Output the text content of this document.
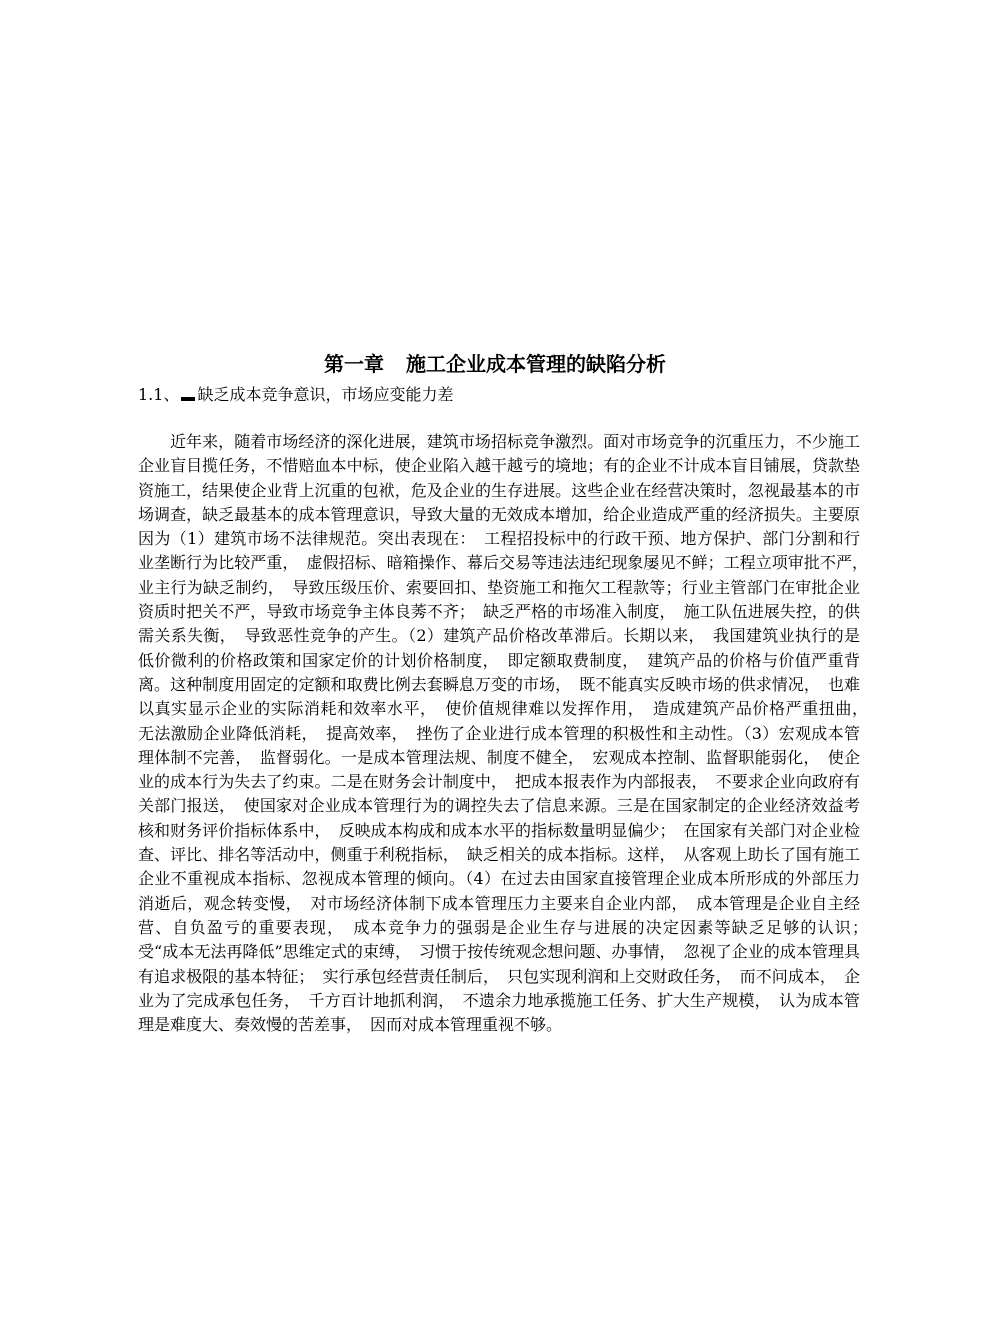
第一章 施工企业成本管理的缺陷分析
1.1、 缺乏成本竞争意识，市场应变能力差

近年来，随着市场经济的深化进展，建筑市场招标竞争激烈。面对市场竞争的沉重压力，不少施工企业盲目揽任务，不惜赔血本中标，使企业陷入越干越亏的境地；有的企业不计成本盲目铺展，贷款垫资施工，结果使企业背上沉重的包袱，危及企业的生存进展。这些企业在经营决策时，忽视最基本的市场调查，缺乏最基本的成本管理意识，导致大量的无效成本增加，给企业造成严重的经济损失。主要原因为（1）建筑市场不法律规范。突出表现在：　工程招投标中的行政干预、地方保护、部门分割和行业垄断行为比较严重，　虚假招标、暗箱操作、幕后交易等违法违纪现象屡见不鲜；工程立项审批不严，　业主行为缺乏制约，　导致压级压价、索要回扣、垫资施工和拖欠工程款等；行业主管部门在审批企业资质时把关不严，导致市场竞争主体良莠不齐；　缺乏严格的市场准入制度，　施工队伍进展失控，的供需关系失衡，　导致恶性竞争的产生。（2）建筑产品价格改革滞后。长期以来，　我国建筑业执行的是低价微利的价格政策和国家定价的计划价格制度，　即定额取费制度，　建筑产品的价格与价值严重背离。这种制度用固定的定额和取费比例去套瞬息万变的市场，　既不能真实反映市场的供求情况，　也难以真实显示企业的实际消耗和效率水平，　使价值规律难以发挥作用，　造成建筑产品价格严重扭曲，　无法激励企业降低消耗，　提高效率，　挫伤了企业进行成本管理的积极性和主动性。（3）宏观成本管理体制不完善，　监督弱化。一是成本管理法规、制度不健全，　宏观成本控制、监督职能弱化，　使企业的成本行为失去了约束。二是在财务会计制度中，　把成本报表作为内部报表，　不要求企业向政府有关部门报送，　使国家对企业成本管理行为的调控失去了信息来源。三是在国家制定的企业经济效益考核和财务评价指标体系中，　反映成本构成和成本水平的指标数量明显偏少；　在国家有关部门对企业检查、评比、排名等活动中，侧重于利税指标，　缺乏相关的成本指标。这样，　从客观上助长了国有施工企业不重视成本指标、忽视成本管理的倾向。（4）在过去由国家直接管理企业成本所形成的外部压力消逝后，观念转变慢，　对市场经济体制下成本管理压力主要来自企业内部，　成本管理是企业自主经营、自负盈亏的重要表现，　成本竞争力的强弱是企业生存与进展的决定因素等缺乏足够的认识；　受“成本无法再降低”思维定式的束缚，　习惯于按传统观念想问题、办事情，　忽视了企业的成本管理具有追求极限的基本特征；　实行承包经营责任制后，　只包实现利润和上交财政任务，　而不问成本，　企业为了完成承包任务，　千方百计地抓利润，　不遗余力地承揽施工任务、扩大生产规模，　认为成本管理是难度大、奏效慢的苦差事，　因而对成本管理重视不够。
